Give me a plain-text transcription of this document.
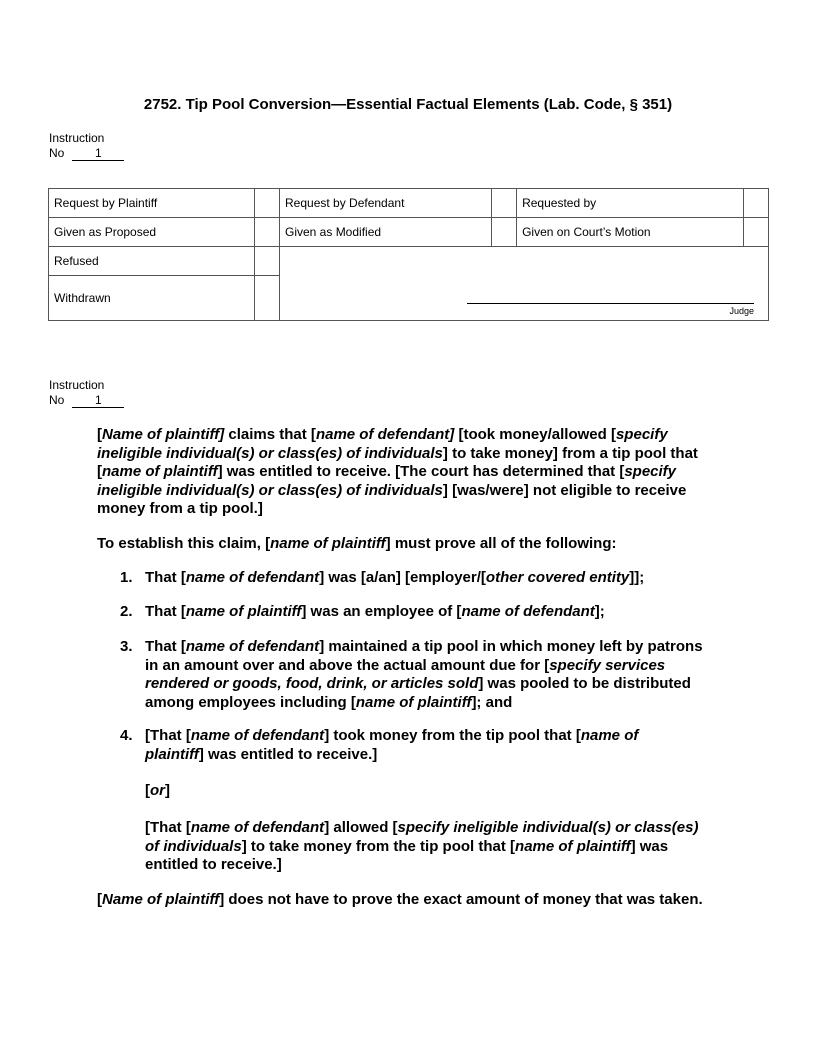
2752. Tip Pool Conversion—Essential Factual Elements (Lab. Code, § 351)
Instruction
No	1
Request by Plaintiff		Request by Defendant		Requested by	
Given as Proposed		Given as Modified		Given on Court’s Motion	
Refused					
Withdrawn					
Judge
Instruction
No	1

[Name of plaintiff] claims that [name of defendant] [took money/allowed [specify ineligible individual(s) or class(es) of individuals] to take money] from a tip pool that [name of plaintiff] was entitled to receive. [The court has determined that [specify ineligible individual(s) or class(es) of individuals] [was/were] not eligible to receive money from a tip pool.]

To establish this claim, [name of plaintiff] must prove all of the following:

1. That [name of defendant] was [a/an] [employer/[other covered entity]];
2. That [name of plaintiff] was an employee of [name of defendant];
3. That [name of defendant] maintained a tip pool in which money left by patrons in an amount over and above the actual amount due for [specify services rendered or goods, food, drink, or articles sold] was pooled to be distributed among employees including [name of plaintiff]; and
4. [That [name of defendant] took money from the tip pool that [name of plaintiff] was entitled to receive.]
[or]
[That [name of defendant] allowed [specify ineligible individual(s) or class(es) of individuals] to take money from the tip pool that [name of plaintiff] was entitled to receive.]

[Name of plaintiff] does not have to prove the exact amount of money that was taken.
